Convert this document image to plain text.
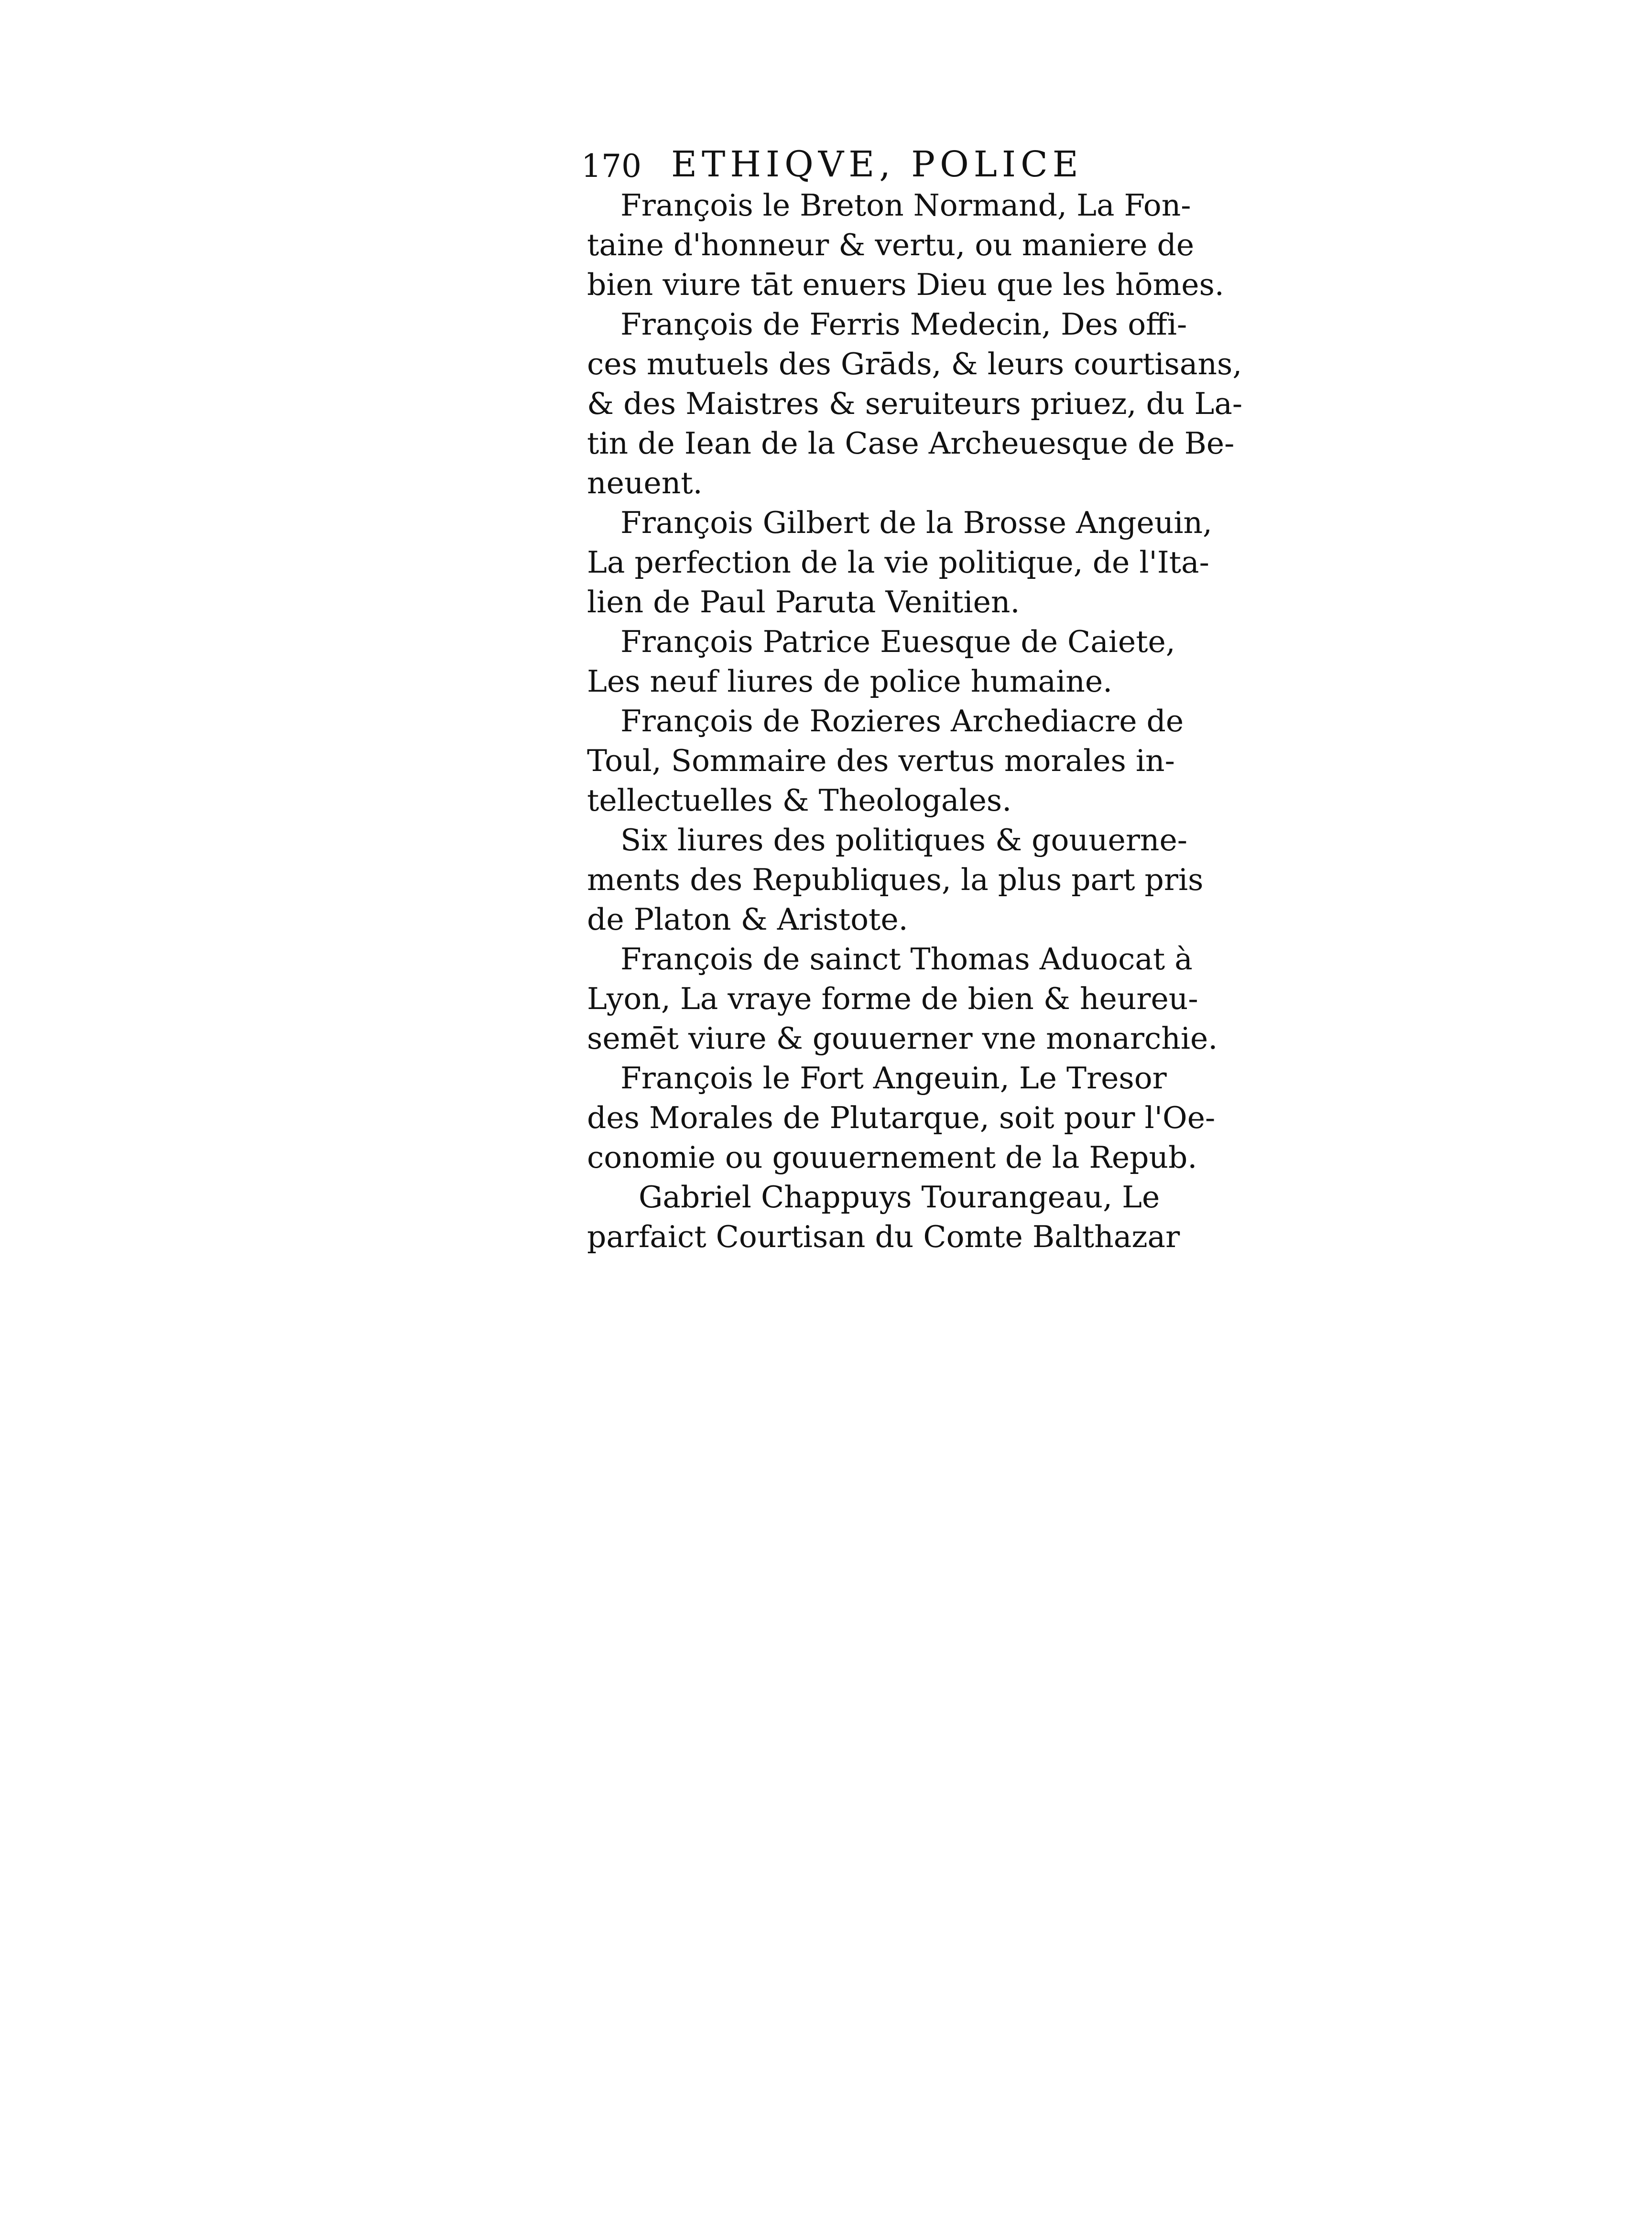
170 ETHIQVE, POLICE
François le Breton Normand, La Fon-
taine d'honneur & vertu, ou maniere de
bien viure tāt enuers Dieu que les hōmes.
François de Ferris Medecin, Des offi-
ces mutuels des Grāds, & leurs courtisans,
& des Maistres & seruiteurs priuez, du La-
tin de Iean de la Case Archeuesque de Be-
neuent.
François Gilbert de la Brosse Angeuin,
La perfection de la vie politique, de l'Ita-
lien de Paul Paruta Venitien.
François Patrice Euesque de Caiete,
Les neuf liures de police humaine.
François de Rozieres Archediacre de
Toul, Sommaire des vertus morales in-
tellectuelles & Theologales.
Six liures des politiques & gouuerne-
ments des Republiques, la plus part pris
de Platon & Aristote.
François de sainct Thomas Aduocat à
Lyon, La vraye forme de bien & heureu-
semēt viure & gouuerner vne monarchie.
François le Fort Angeuin, Le Tresor
des Morales de Plutarque, soit pour l'Oe-
conomie ou gouuernement de la Repub.
Gabriel Chappuys Tourangeau, Le
parfaict Courtisan du Comte Balthazar
